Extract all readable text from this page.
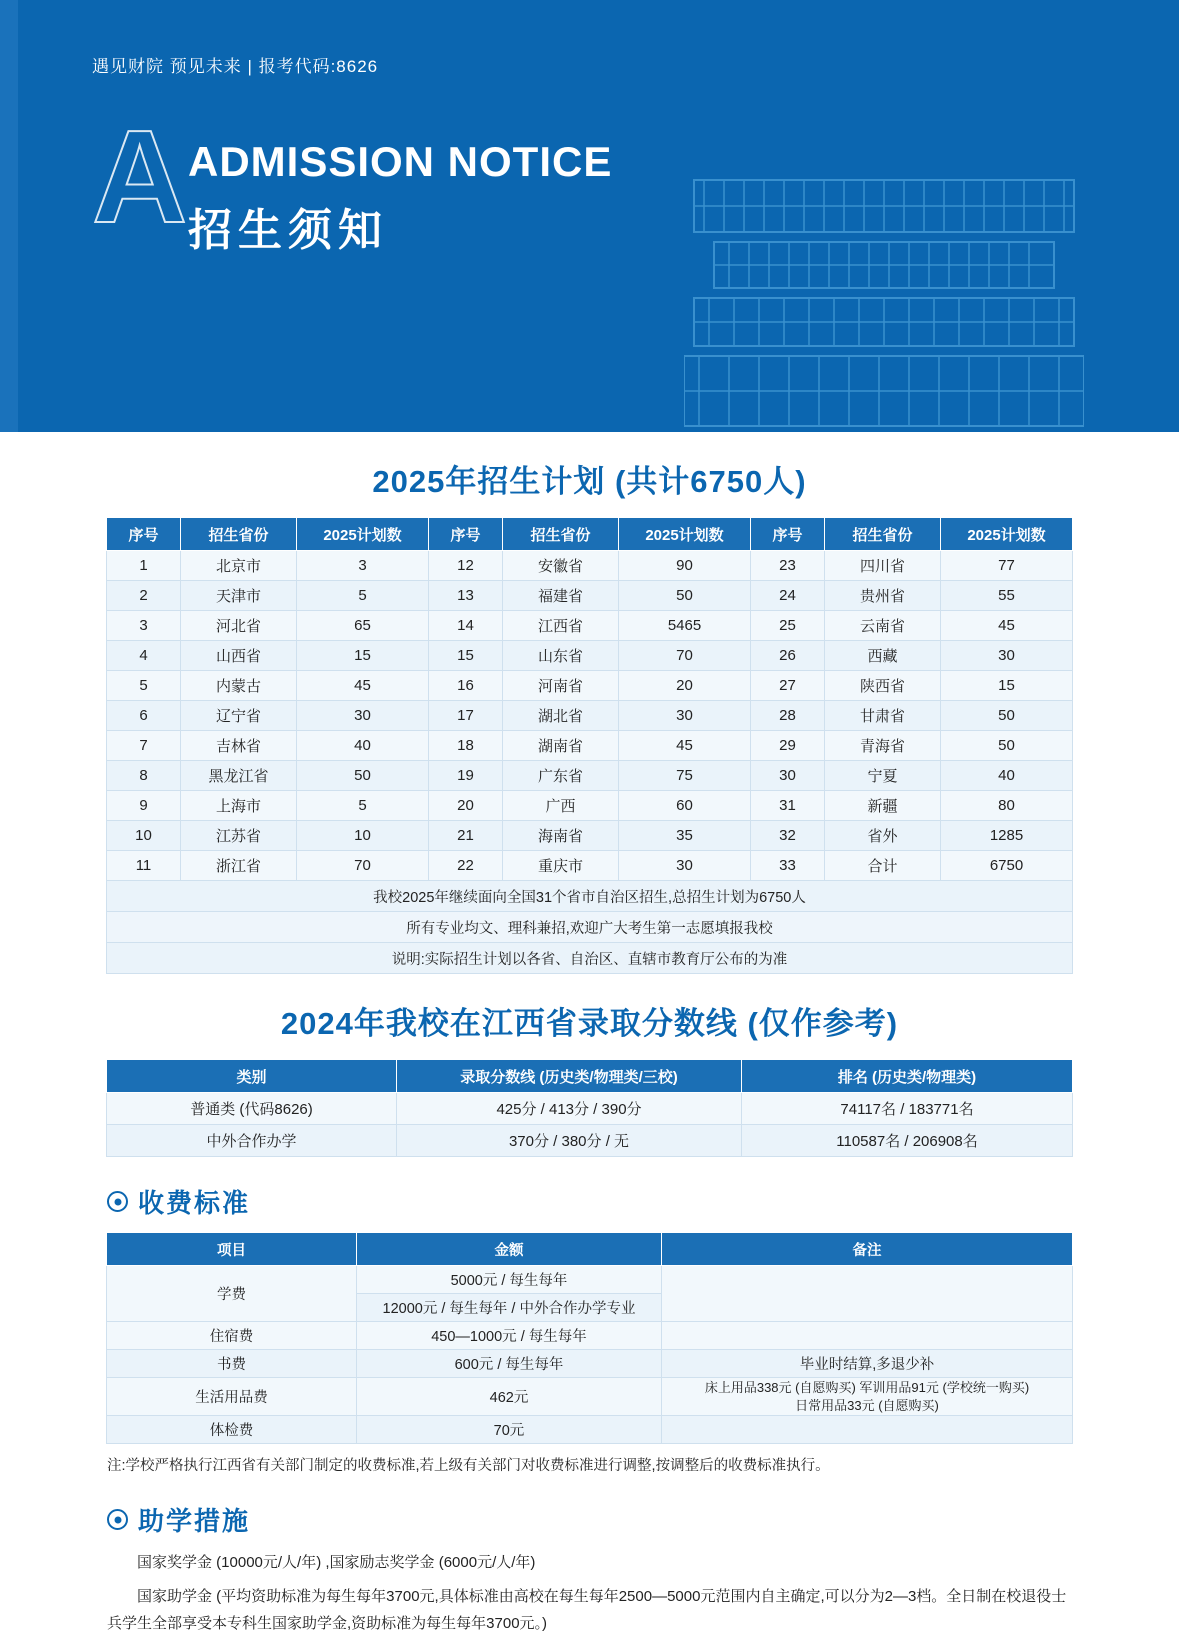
遇见财院 预见未来 | 报考代码:8626
A ADMISSION NOTICE
招生须知
2025年招生计划 (共计6750人)
序号	招生省份	2025计划数	序号	招生省份	2025计划数	序号	招生省份	2025计划数
1	北京市	3	12	安徽省	90	23	四川省	77
2	天津市	5	13	福建省	50	24	贵州省	55
3	河北省	65	14	江西省	5465	25	云南省	45
4	山西省	15	15	山东省	70	26	西藏	30
5	内蒙古	45	16	河南省	20	27	陕西省	15
6	辽宁省	30	17	湖北省	30	28	甘肃省	50
7	吉林省	40	18	湖南省	45	29	青海省	50
8	黑龙江省	50	19	广东省	75	30	宁夏	40
9	上海市	5	20	广西	60	31	新疆	80
10	江苏省	10	21	海南省	35	32	省外	1285
11	浙江省	70	22	重庆市	30	33	合计	6750
我校2025年继续面向全国31个省市自治区招生,总招生计划为6750人								
所有专业均文、理科兼招,欢迎广大考生第一志愿填报我校								
说明:实际招生计划以各省、自治区、直辖市教育厅公布的为准								
2024年我校在江西省录取分数线 (仅作参考)
类别	录取分数线 (历史类/物理类/三校)	排名 (历史类/物理类)
普通类 (代码8626)	425分 / 413分 / 390分	74117名 / 183771名
中外合作办学	370分 / 380分 / 无	110587名 / 206908名
收费标准
项目	金额	备注
学费	5000元 / 每生每年	
	12000元 / 每生每年 / 中外合作办学专业	
住宿费	450—1000元 / 每生每年	
书费	600元 / 每生每年	毕业时结算,多退少补
生活用品费	462元	床上用品338元 (自愿购买) 军训用品91元 (学校统一购买)
日常用品33元 (自愿购买)
体检费	70元	
注:学校严格执行江西省有关部门制定的收费标准,若上级有关部门对收费标准进行调整,按调整后的收费标准执行。
助学措施
国家奖学金 (10000元/人/年) ,国家励志奖学金 (6000元/人/年)
国家助学金 (平均资助标准为每生每年3700元,具体标准由高校在每生每年2500—5000元范围内自主确定,可以分为2—3档。全日制在校退役士兵学生全部享受本专科生国家助学金,资助标准为每生每年3700元。)
